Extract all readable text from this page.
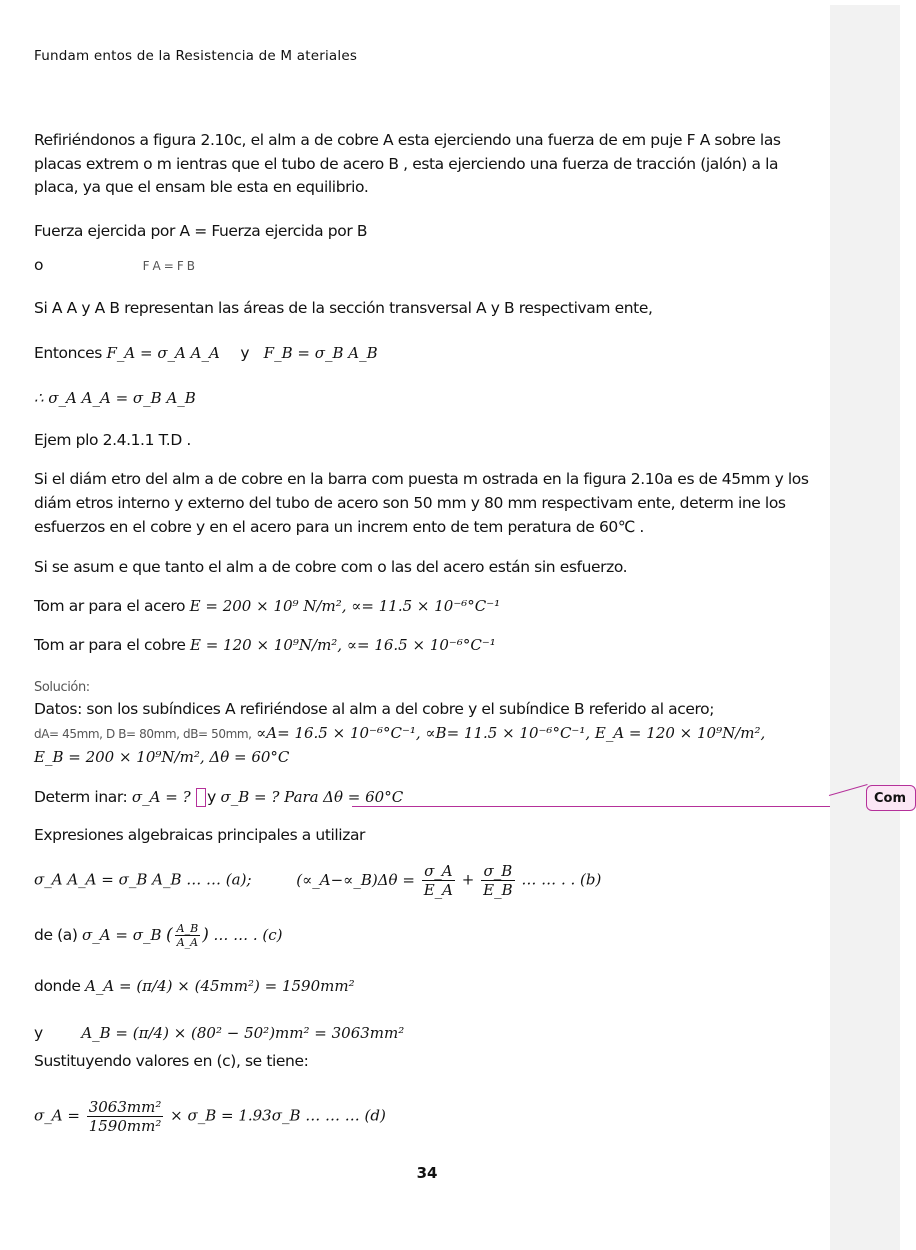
Fundam entos de la Resistencia de M ateriales
Refiriéndonos a figura 2.10c, el alm a de cobre A esta ejerciendo una fuerza de em puje F A sobre las
placas extrem o m ientras que el tubo de acero B , esta ejerciendo una fuerza de tracción (jalón) a la
placa, ya que el ensam ble esta en equilibrio.
Fuerza ejercida por A = Fuerza ejercida por B
o	F A = F B
Si A A y A B representan las áreas de la sección transversal A y B respectivam ente,
Entonces F_A = σ_A A_A y F_B = σ_B A_B
∴ σ_A A_A = σ_B A_B
Ejem plo 2.4.1.1 T.D .
Si el diám etro del alm a de cobre en la barra com puesta m ostrada en la figura 2.10a es de 45mm y los
diám etros interno y externo del tubo de acero son 50 mm y 80 mm respectivam ente, determ ine los
esfuerzos en el cobre y en el acero para un increm ento de tem peratura de 60℃ .
Si se asum e que tanto el alm a de cobre com o las del acero están sin esfuerzo.
Tom ar para el acero E = 200 × 10⁹ N/m², ∝= 11.5 × 10⁻⁶°C⁻¹
Tom ar para el cobre E = 120 × 10⁹N/m², ∝= 16.5 × 10⁻⁶°C⁻¹
Solución:
Datos: son los subíndices A refiriéndose al alm a del cobre y el subíndice B referido al acero;
dA= 45mm, D B= 80mm, dB= 50mm, ∝A= 16.5 × 10⁻⁶°C⁻¹, ∝B= 11.5 × 10⁻⁶°C⁻¹, E_A = 120 × 10⁹N/m²,
E_B = 200 × 10⁹N/m², Δθ = 60°C
Determ inar: σ_A = ? y σ_B = ? Para Δθ = 60°C
Expresiones algebraicas principales a utilizar
σ_A A_A = σ_B A_B … … (a);	(∝_A−∝_B)Δθ = $\frac{\sigma\_A}{E\_A} + \frac{\sigma\_B}{E\_B}$ … … . . (b)
de (a) σ_A = σ_B ( $\frac{A\_B}{A\_A}$ ) … … . (c)
donde A_A = (π/4) × (45mm²) = 1590mm²
y	A_B = (π/4) × (80² − 50²)mm² = 3063mm²
Sustituyendo valores en (c), se tiene:
σ_A = $\frac{\text{3063mm²}}{\text{1590mm²}}$ × σ_B = 1.93σ_B … … … (d)
34
Com
